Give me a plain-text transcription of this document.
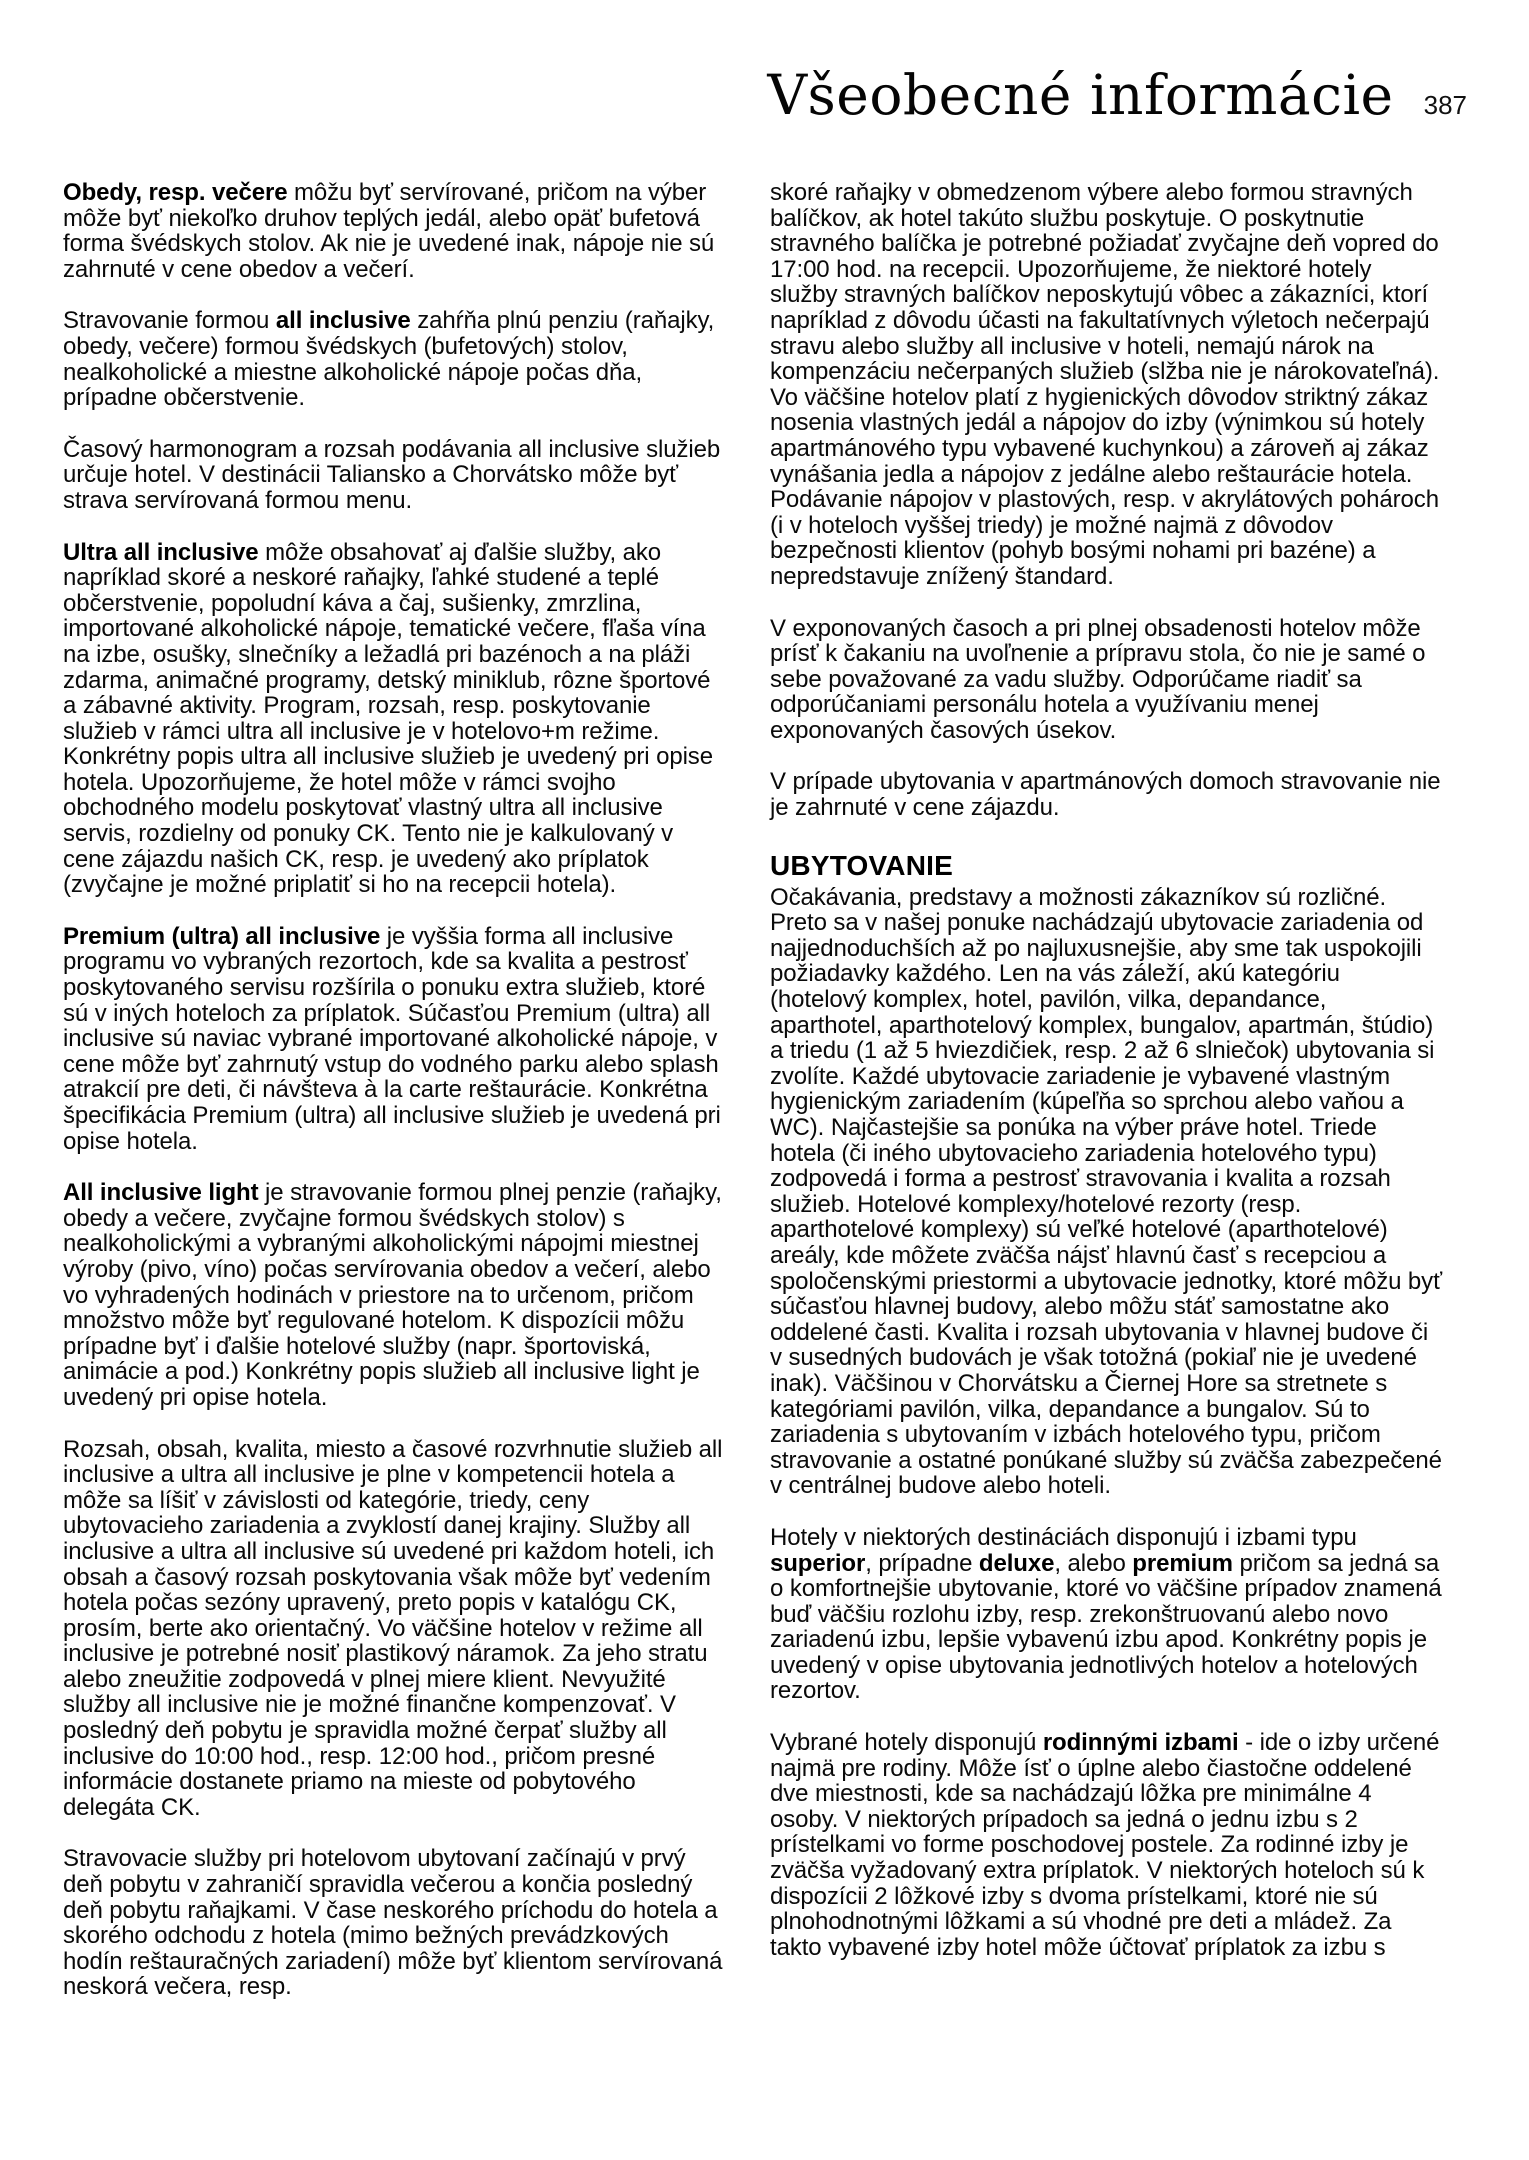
Všeobecné informácie 387

Obedy, resp. večere môžu byť servírované, pričom na výber môže byť niekoľko druhov teplých jedál, alebo opäť bufetová forma švédskych stolov. Ak nie je uvedené inak, nápoje nie sú zahrnuté v cene obedov a večerí.

Stravovanie formou all inclusive zahŕňa plnú penziu (raňajky, obedy, večere) formou švédskych (bufetových) stolov, nealkoholické a miestne alkoholické nápoje počas dňa, prípadne občerstvenie.

Časový harmonogram a rozsah podávania all inclusive služieb určuje hotel. V destinácii Taliansko a Chorvátsko môže byť strava servírovaná formou menu.

Ultra all inclusive môže obsahovať aj ďalšie služby, ako napríklad skoré a neskoré raňajky, ľahké studené a teplé občerstvenie, popoludní káva a čaj, sušienky, zmrzlina, importované alkoholické nápoje, tematické večere, fľaša vína na izbe, osušky, slnečníky a ležadlá pri bazénoch a na pláži zdarma, animačné programy, detský miniklub, rôzne športové a zábavné aktivity. Program, rozsah, resp. poskytovanie služieb v rámci ultra all inclusive je v hotelovo+m režime. Konkrétny popis ultra all inclusive služieb je uvedený pri opise hotela. Upozorňujeme, že hotel môže v rámci svojho obchodného modelu poskytovať vlastný ultra all inclusive servis, rozdielny od ponuky CK. Tento nie je kalkulovaný v cene zájazdu našich CK, resp. je uvedený ako príplatok (zvyčajne je možné priplatiť si ho na recepcii hotela).

Premium (ultra) all inclusive je vyššia forma all inclusive programu vo vybraných rezortoch, kde sa kvalita a pestrosť poskytovaného servisu rozšírila o ponuku extra služieb, ktoré sú v iných hoteloch za príplatok. Súčasťou Premium (ultra) all inclusive sú naviac vybrané importované alkoholické nápoje, v cene môže byť zahrnutý vstup do vodného parku alebo splash atrakcií pre deti, či návšteva à la carte reštaurácie. Konkrétna špecifikácia Premium (ultra) all inclusive služieb je uvedená pri opise hotela.

All inclusive light je stravovanie formou plnej penzie (raňajky, obedy a večere, zvyčajne formou švédskych stolov) s nealkoholickými a vybranými alkoholickými nápojmi miestnej výroby (pivo, víno) počas servírovania obedov a večerí, alebo vo vyhradených hodinách v priestore na to určenom, pričom množstvo môže byť regulované hotelom. K dispozícii môžu prípadne byť i ďalšie hotelové služby (napr. športoviská, animácie a pod.) Konkrétny popis služieb all inclusive light je uvedený pri opise hotela.

Rozsah, obsah, kvalita, miesto a časové rozvrhnutie služieb all inclusive a ultra all inclusive je plne v kompetencii hotela a môže sa líšiť v závislosti od kategórie, triedy, ceny ubytovacieho zariadenia a zvyklostí danej krajiny. Služby all inclusive a ultra all inclusive sú uvedené pri každom hoteli, ich obsah a časový rozsah poskytovania však môže byť vedením hotela počas sezóny upravený, preto popis v katalógu CK, prosím, berte ako orientačný. Vo väčšine hotelov v režime all inclusive je potrebné nosiť plastikový náramok. Za jeho stratu alebo zneužitie zodpovedá v plnej miere klient. Nevyužité služby all inclusive nie je možné finančne kompenzovať. V posledný deň pobytu je spravidla možné čerpať služby all inclusive do 10:00 hod., resp. 12:00 hod., pričom presné informácie dostanete priamo na mieste od pobytového delegáta CK.

Stravovacie služby pri hotelovom ubytovaní začínajú v prvý deň pobytu v zahraničí spravidla večerou a končia posledný deň pobytu raňajkami. V čase neskorého príchodu do hotela a skorého odchodu z hotela (mimo bežných prevádzkových hodín reštauračných zariadení) môže byť klientom servírovaná neskorá večera, resp.

skoré raňajky v obmedzenom výbere alebo formou stravných balíčkov, ak hotel takúto službu poskytuje. O poskytnutie stravného balíčka je potrebné požiadať zvyčajne deň vopred do 17:00 hod. na recepcii. Upozorňujeme, že niektoré hotely služby stravných balíčkov neposkytujú vôbec a zákazníci, ktorí napríklad z dôvodu účasti na fakultatívnych výletoch nečerpajú stravu alebo služby all inclusive v hoteli, nemajú nárok na kompenzáciu nečerpaných služieb (slžba nie je nárokovateľná). Vo väčšine hotelov platí z hygienických dôvodov striktný zákaz nosenia vlastných jedál a nápojov do izby (výnimkou sú hotely apartmánového typu vybavené kuchynkou) a zároveň aj zákaz vynášania jedla a nápojov z jedálne alebo reštaurácie hotela. Podávanie nápojov v plastových, resp. v akrylátových pohároch (i v hoteloch vyššej triedy) je možné najmä z dôvodov bezpečnosti klientov (pohyb bosými nohami pri bazéne) a nepredstavuje znížený štandard.

V exponovaných časoch a pri plnej obsadenosti hotelov môže prísť k čakaniu na uvoľnenie a prípravu stola, čo nie je samé o sebe považované za vadu služby. Odporúčame riadiť sa odporúčaniami personálu hotela a využívaniu menej exponovaných časových úsekov.

V prípade ubytovania v apartmánových domoch stravovanie nie je zahrnuté v cene zájazdu.

UBYTOVANIE

Očakávania, predstavy a možnosti zákazníkov sú rozličné. Preto sa v našej ponuke nachádzajú ubytovacie zariadenia od najjednoduchších až po najluxusnejšie, aby sme tak uspokojili požiadavky každého. Len na vás záleží, akú kategóriu (hotelový komplex, hotel, pavilón, vilka, depandance, aparthotel, aparthotelový komplex, bungalov, apartmán, štúdio) a triedu (1 až 5 hviezdičiek, resp. 2 až 6 slniečok) ubytovania si zvolíte. Každé ubytovacie zariadenie je vybavené vlastným hygienickým zariadením (kúpeľňa so sprchou alebo vaňou a WC). Najčastejšie sa ponúka na výber práve hotel. Triede hotela (či iného ubytovacieho zariadenia hotelového typu) zodpovedá i forma a pestrosť stravovania i kvalita a rozsah služieb. Hotelové komplexy/hotelové rezorty (resp. aparthotelové komplexy) sú veľké hotelové (aparthotelové) areály, kde môžete zväčša nájsť hlavnú časť s recepciou a spoločenskými priestormi a ubytovacie jednotky, ktoré môžu byť súčasťou hlavnej budovy, alebo môžu stáť samostatne ako oddelené časti. Kvalita i rozsah ubytovania v hlavnej budove či v susedných budovách je však totožná (pokiaľ nie je uvedené inak). Väčšinou v Chorvátsku a Čiernej Hore sa stretnete s kategóriami pavilón, vilka, depandance a bungalov. Sú to zariadenia s ubytovaním v izbách hotelového typu, pričom stravovanie a ostatné ponúkané služby sú zväčša zabezpečené v centrálnej budove alebo hoteli.

Hotely v niektorých destináciách disponujú i izbami typu superior, prípadne deluxe, alebo premium pričom sa jedná sa o komfortnejšie ubytovanie, ktoré vo väčšine prípadov znamená buď väčšiu rozlohu izby, resp. zrekonštruovanú alebo novo zariadenú izbu, lepšie vybavenú izbu apod. Konkrétny popis je uvedený v opise ubytovania jednotlivých hotelov a hotelových rezortov.

Vybrané hotely disponujú rodinnými izbami - ide o izby určené najmä pre rodiny. Môže ísť o úplne alebo čiastočne oddelené dve miestnosti, kde sa nachádzajú lôžka pre minimálne 4 osoby. V niektorých prípadoch sa jedná o jednu izbu s 2 prístelkami vo forme poschodovej postele. Za rodinné izby je zväčša vyžadovaný extra príplatok. V niektorých hoteloch sú k dispozícii 2 lôžkové izby s dvoma prístelkami, ktoré nie sú plnohodnotnými lôžkami a sú vhodné pre deti a mládež. Za takto vybavené izby hotel môže účtovať príplatok za izbu s
